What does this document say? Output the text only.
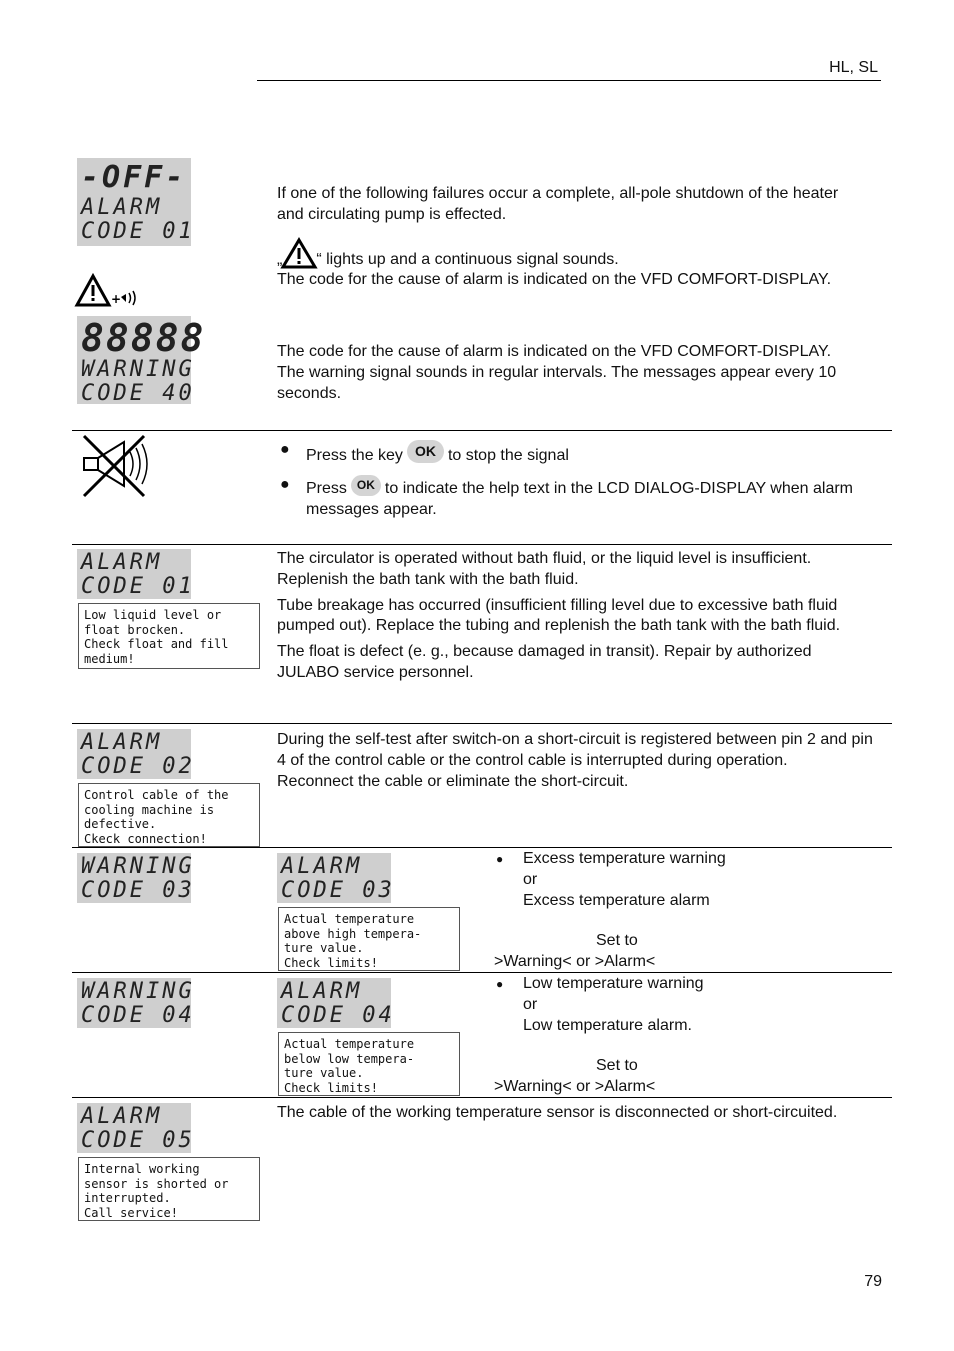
HL, SL
-OFF-
ALARM
CODE 01
+
88888
WARNING
CODE 40

If one of the following failures occur a complete, all-pole shutdown of the heater and circulating pump is effected.

„ “ lights up and a continuous signal sounds.

The code for the cause of alarm is indicated on the VFD COMFORT-DISPLAY.

The code for the cause of alarm is indicated on the VFD COMFORT-DISPLAY. The warning signal sounds in regular intervals. The messages appear every 10 seconds.
● Press the key OK to stop the signal
● Press OK to indicate the help text in the LCD DIALOG-DISPLAY when alarm messages appear.
ALARM
CODE 01
Low liquid level or
float brocken.
Check float and fill
medium!

The circulator is operated without bath fluid, or the liquid level is insufficient. Replenish the bath tank with the bath fluid.

Tube breakage has occurred (insufficient filling level due to excessive bath fluid pumped out). Replace the tubing and replenish the bath tank with the bath fluid.

The float is defect (e. g., because damaged in transit). Repair by authorized JULABO service personnel.

ALARM
CODE 02
Control cable of the
cooling machine is
defective.
Ckeck connection!

During the self-test after switch-on a short-circuit is registered between pin 2 and pin 4 of the control cable or the control cable is interrupted during operation.

Reconnect the cable or eliminate the short-circuit.

WARNING
CODE 03
ALARM
CODE 03
Actual temperature
above high tempera-
ture value.
Check limits!
● Excess temperature warning
or
Excess temperature alarm
Set to
>Warning< or >Alarm<
WARNING
CODE 04
ALARM
CODE 04
Actual temperature
below low tempera-
ture value.
Check limits!
● Low temperature warning
or
Low temperature alarm.
Set to
>Warning< or >Alarm<
ALARM
CODE 05
Internal working
sensor is shorted or
interrupted.
Call service!
The cable of the working temperature sensor is disconnected or short-circuited.
79
